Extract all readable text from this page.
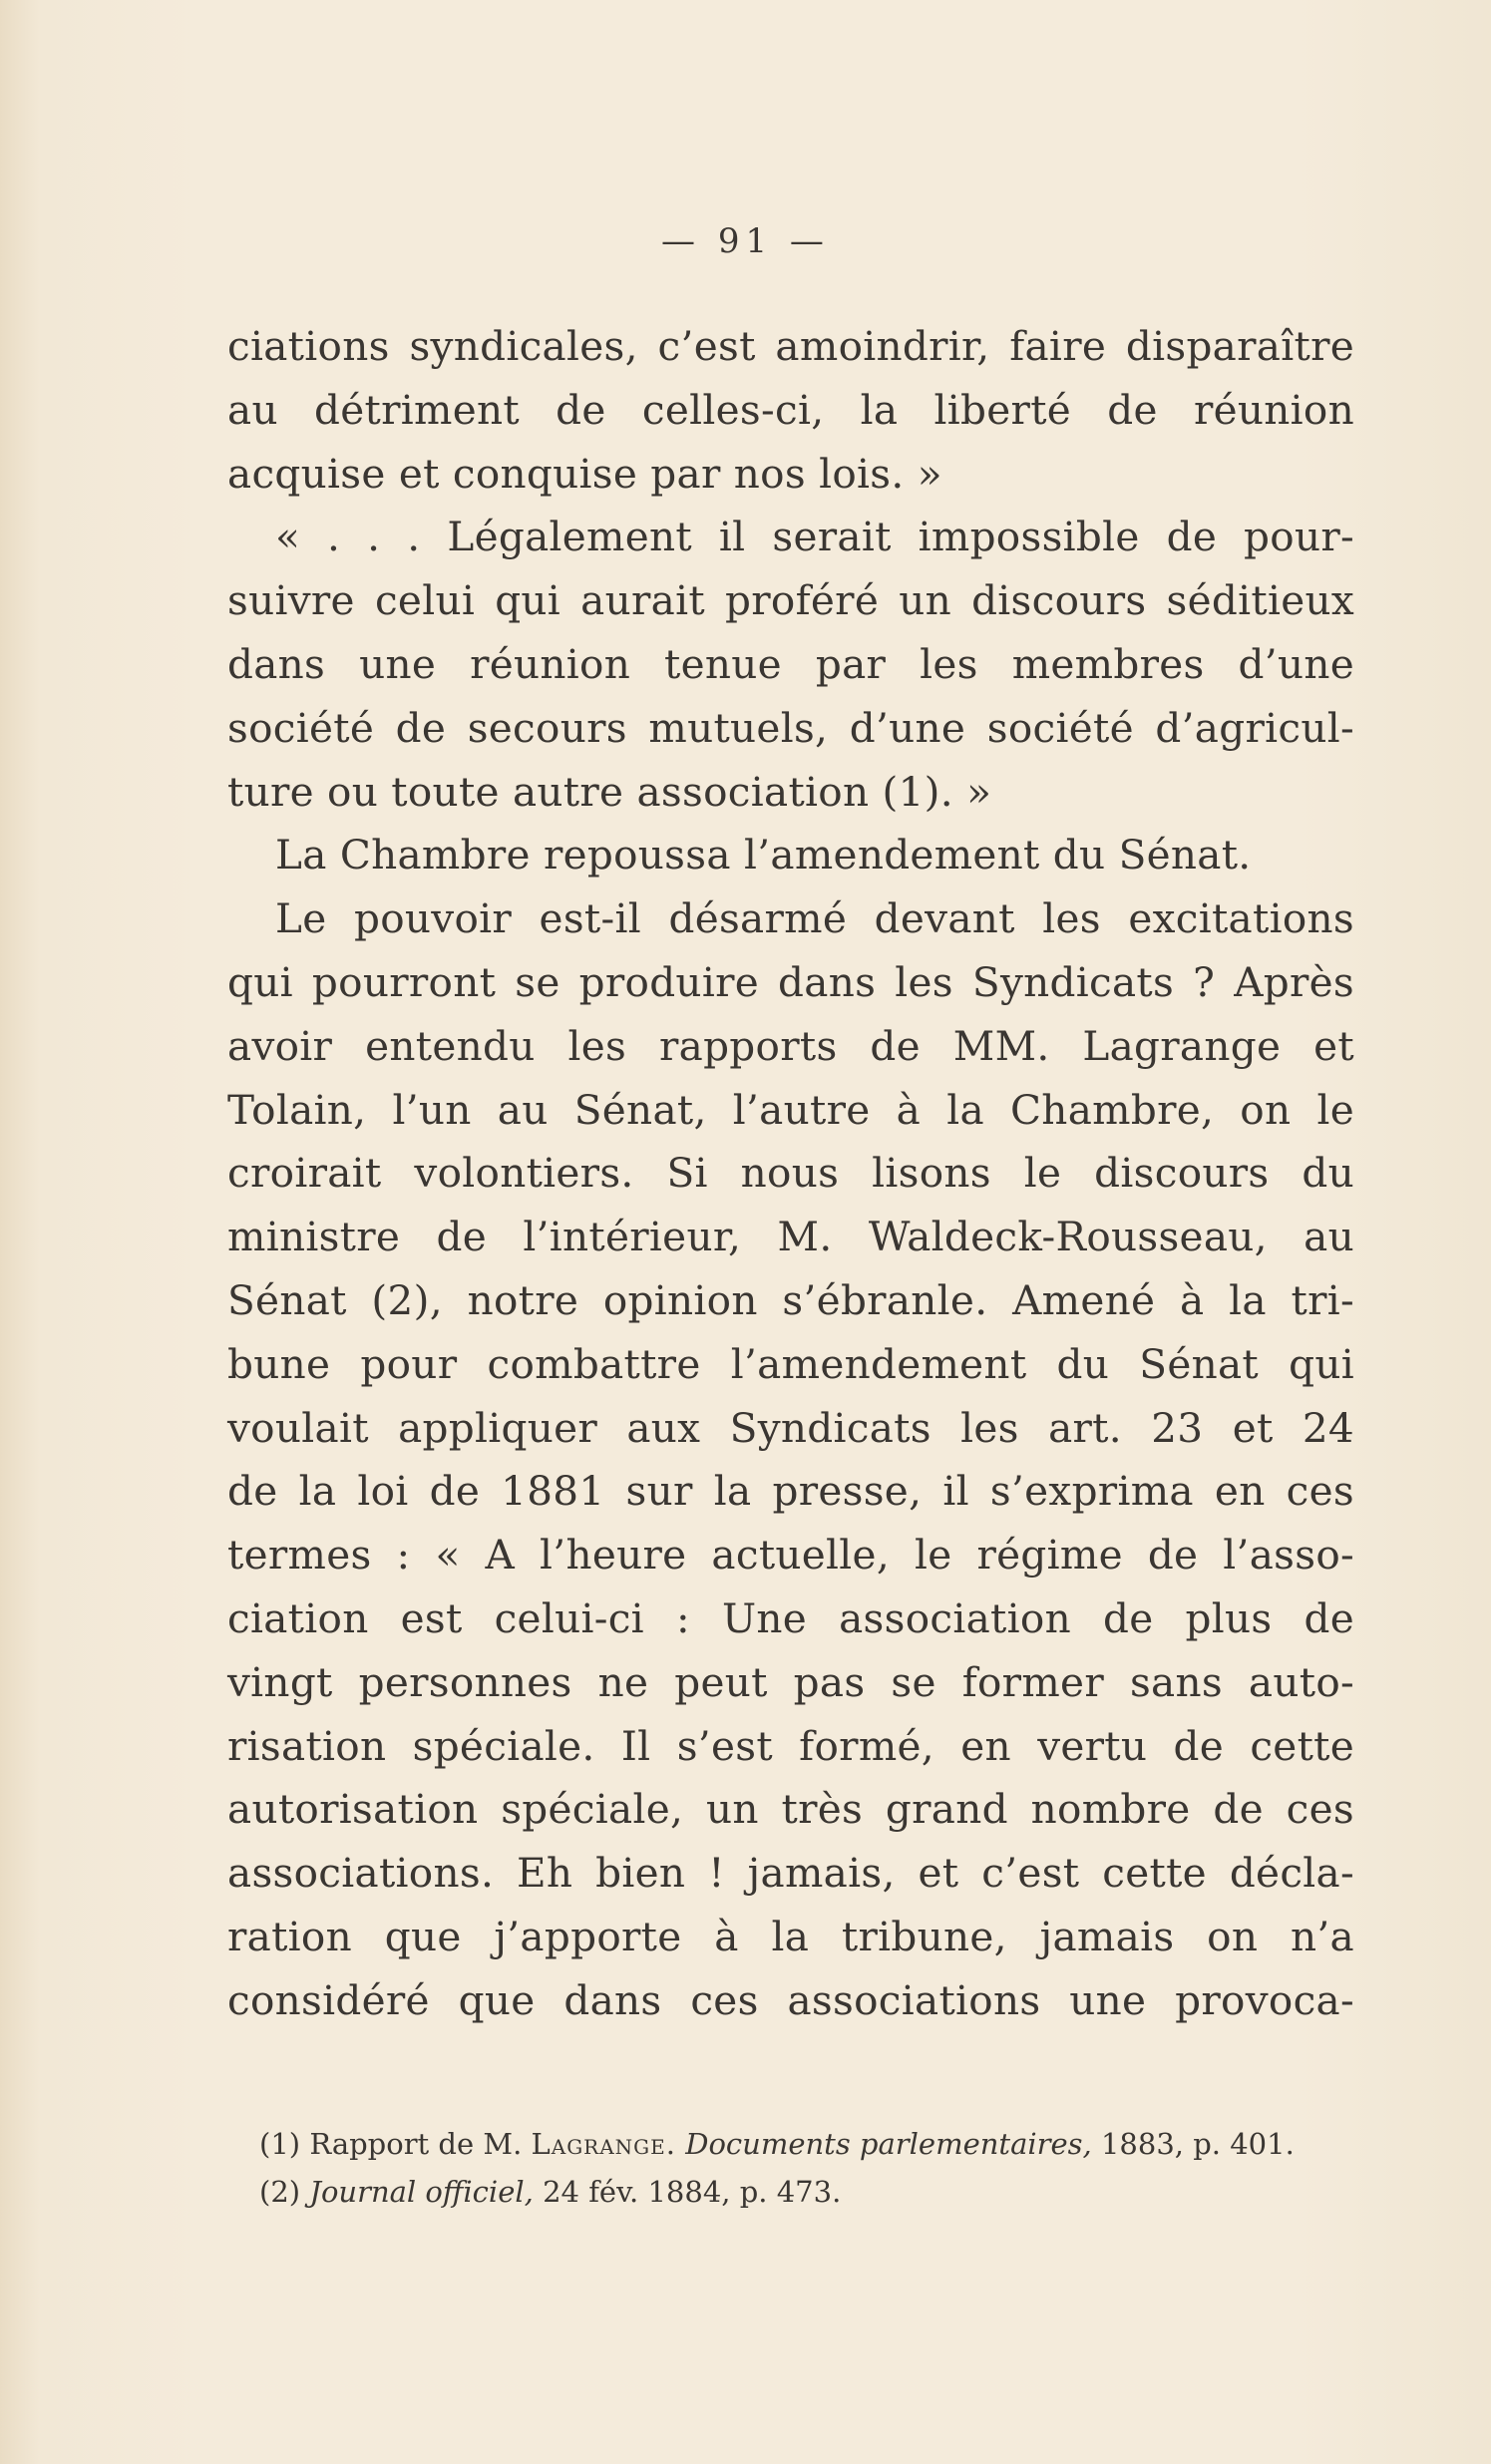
— 91 —
ciations syndicales, c’est amoindrir, faire disparaître
au détriment de celles-ci, la liberté de réunion
acquise et conquise par nos lois. »
« . . . Légalement il serait impossible de pour-
suivre celui qui aurait proféré un discours séditieux
dans une réunion tenue par les membres d’une
société de secours mutuels, d’une société d’agricul-
ture ou toute autre association (1). »
La Chambre repoussa l’amendement du Sénat.
Le pouvoir est-il désarmé devant les excitations
qui pourront se produire dans les Syndicats ? Après
avoir entendu les rapports de MM. Lagrange et
Tolain, l’un au Sénat, l’autre à la Chambre, on le
croirait volontiers. Si nous lisons le discours du
ministre de l’intérieur, M. Waldeck-Rousseau, au
Sénat (2), notre opinion s’ébranle. Amené à la tri-
bune pour combattre l’amendement du Sénat qui
voulait appliquer aux Syndicats les art. 23 et 24
de la loi de 1881 sur la presse, il s’exprima en ces
termes : « A l’heure actuelle, le régime de l’asso-
ciation est celui-ci : Une association de plus de
vingt personnes ne peut pas se former sans auto-
risation spéciale. Il s’est formé, en vertu de cette
autorisation spéciale, un très grand nombre de ces
associations. Eh bien ! jamais, et c’est cette décla-
ration que j’apporte à la tribune, jamais on n’a
considéré que dans ces associations une provoca-
(1) Rapport de M. Lagrange. Documents parlementaires, 1883, p. 401.
(2) Journal officiel, 24 fév. 1884, p. 473.
